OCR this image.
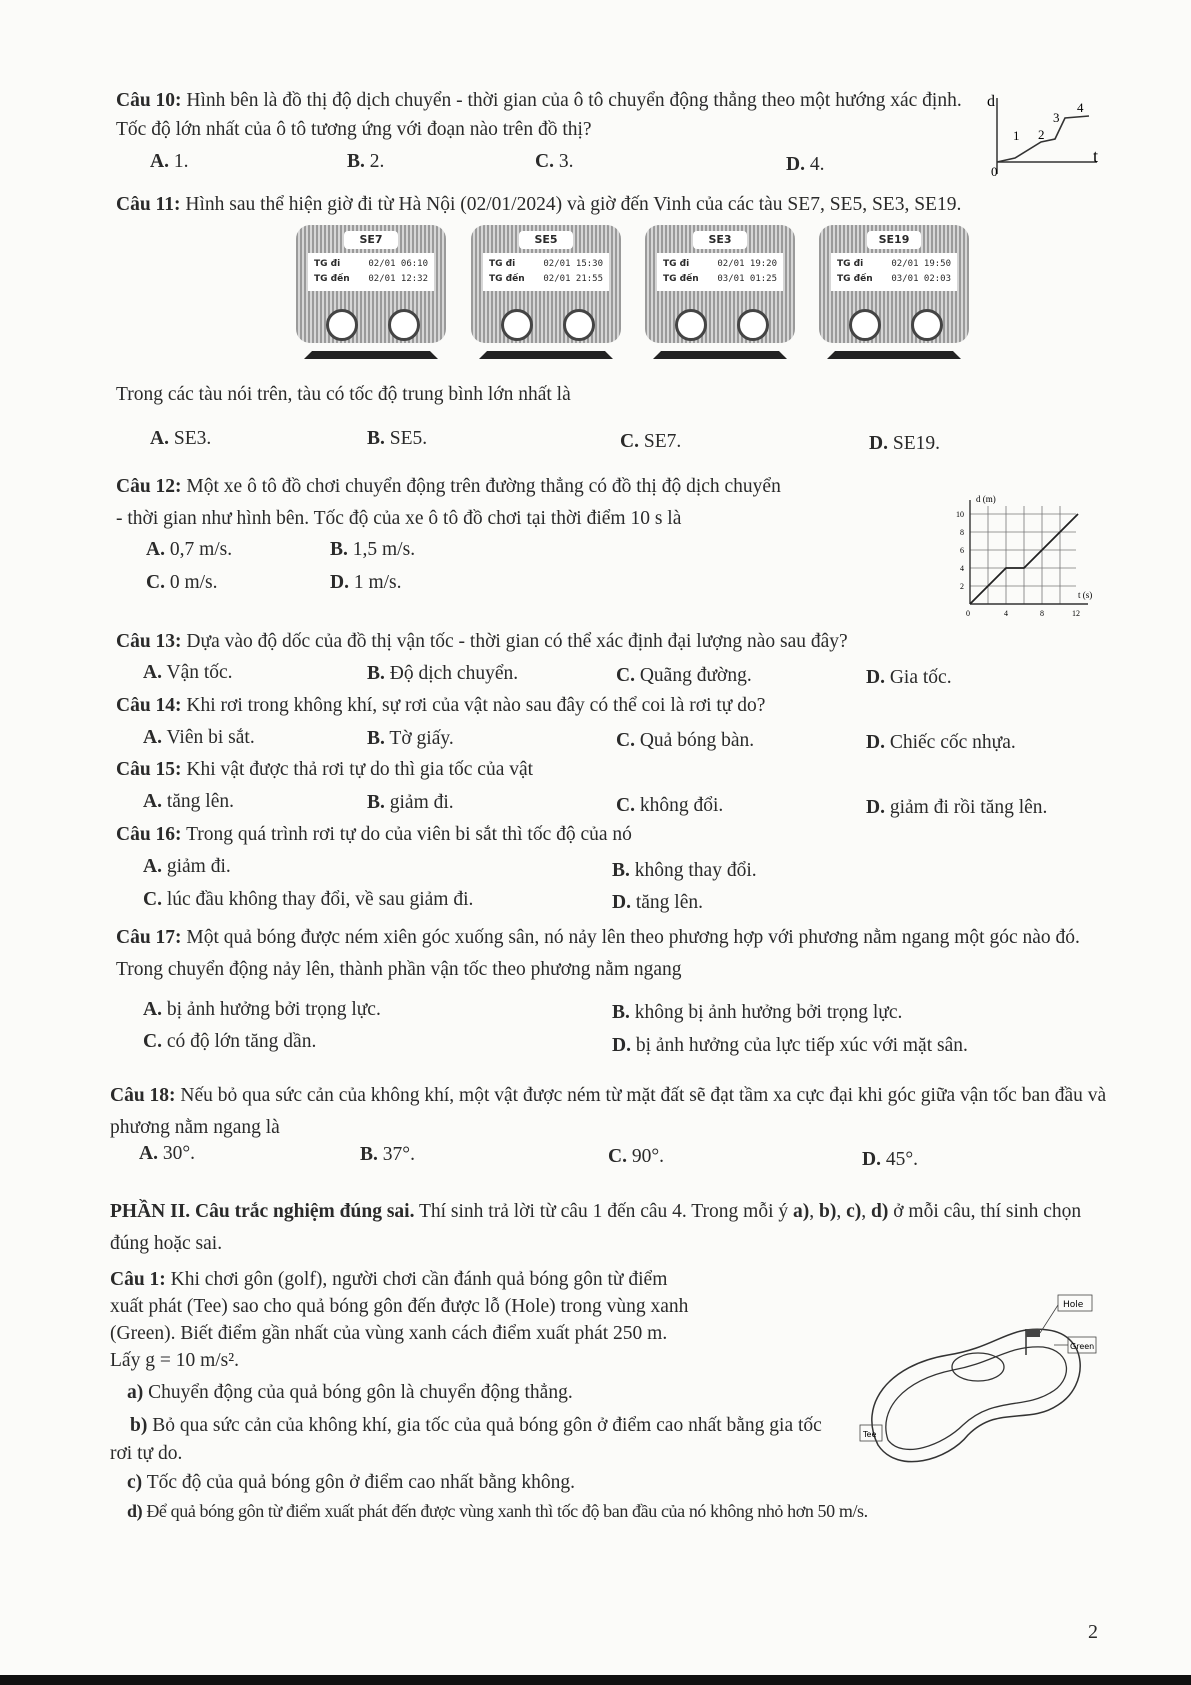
Câu 10: Hình bên là đồ thị độ dịch chuyển - thời gian của ô tô chuyển động thẳng theo một hướng xác định. Tốc độ lớn nhất của ô tô tương ứng với đoạn nào trên đồ thị?
A. 1.	B. 2.	C. 3.	D. 4.
d
t
0
1 2
3
4
Câu 11: Hình sau thể hiện giờ đi từ Hà Nội (02/01/2024) và giờ đến Vinh của các tàu SE7, SE5, SE3, SE19.
SE7
TG đi	02/01 06:10
TG đến 02/01 12:32
SE5
TG đi	02/01 15:30
TG đến 02/01 21:55
SE3
TG đi	02/01 19:20
TG đến 03/01 01:25
SE19
TG đi	02/01 19:50
TG đến 03/01 02:03
Trong các tàu nói trên, tàu có tốc độ trung bình lớn nhất là
A. SE3.	B. SE5.	C. SE7.	D. SE19.
Câu 12: Một xe ô tô đồ chơi chuyển động trên đường thẳng có đồ thị độ dịch chuyển
- thời gian như hình bên. Tốc độ của xe ô tô đồ chơi tại thời điểm 10 s là
A. 0,7 m/s.	B. 1,5 m/s.
C. 0 m/s.	D. 1 m/s.
d (m)
t (s)
10
8
6
4
2
0	4	8	12
Câu 13: Dựa vào độ dốc của đồ thị vận tốc - thời gian có thể xác định đại lượng nào sau đây?
A. Vận tốc.	B. Độ dịch chuyển.	C. Quãng đường.	D. Gia tốc.
Câu 14: Khi rơi trong không khí, sự rơi của vật nào sau đây có thể coi là rơi tự do?
A. Viên bi sắt.	B. Tờ giấy.	C. Quả bóng bàn.	D. Chiếc cốc nhựa.
Câu 15: Khi vật được thả rơi tự do thì gia tốc của vật
A. tăng lên.	B. giảm đi.	C. không đổi.	D. giảm đi rồi tăng lên.
Câu 16: Trong quá trình rơi tự do của viên bi sắt thì tốc độ của nó
A. giảm đi.	B. không thay đổi.
C. lúc đầu không thay đổi, về sau giảm đi.	D. tăng lên.
Câu 17: Một quả bóng được ném xiên góc xuống sân, nó nảy lên theo phương hợp với phương nằm ngang một góc nào đó. Trong chuyển động nảy lên, thành phần vận tốc theo phương nằm ngang
A. bị ảnh hưởng bởi trọng lực.	B. không bị ảnh hưởng bởi trọng lực.
C. có độ lớn tăng dần.	D. bị ảnh hưởng của lực tiếp xúc với mặt sân.
Câu 18: Nếu bỏ qua sức cản của không khí, một vật được ném từ mặt đất sẽ đạt tầm xa cực đại khi góc giữa vận tốc ban đầu và phương nằm ngang là
A. 30°.	B. 37°.	C. 90°.	D. 45°.
PHẦN II. Câu trắc nghiệm đúng sai. Thí sinh trả lời từ câu 1 đến câu 4. Trong mỗi ý a), b), c), d) ở mỗi câu, thí sinh chọn đúng hoặc sai.
Câu 1: Khi chơi gôn (golf), người chơi cần đánh quả bóng gôn từ điểm
xuất phát (Tee) sao cho quả bóng gôn đến được lỗ (Hole) trong vùng xanh
(Green). Biết điểm gần nhất của vùng xanh cách điểm xuất phát 250 m.
Lấy g = 10 m/s².
a) Chuyển động của quả bóng gôn là chuyển động thẳng.
b) Bỏ qua sức cản của không khí, gia tốc của quả bóng gôn ở điểm cao nhất bằng gia tốc rơi tự do.
c) Tốc độ của quả bóng gôn ở điểm cao nhất bằng không.
d) Để quả bóng gôn từ điểm xuất phát đến được vùng xanh thì tốc độ ban đầu của nó không nhỏ hơn 50 m/s.
Hole
Green
Tee
2
